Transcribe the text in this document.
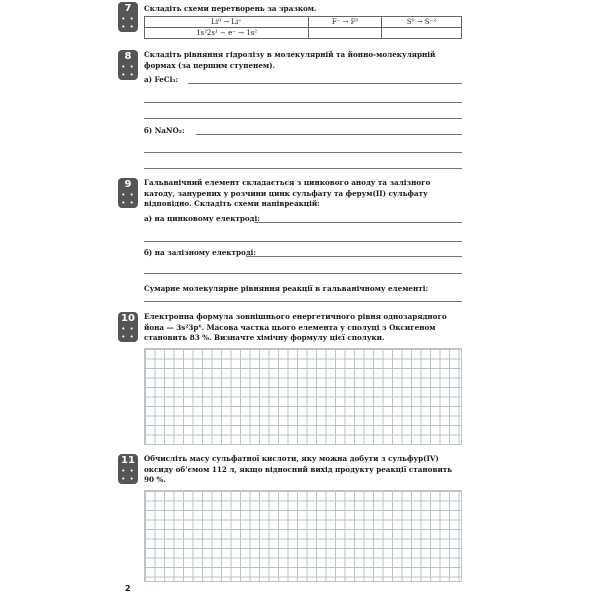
7
• •
• •
Складіть схеми перетворень за зразком.
Li⁰ → Li⁺	F⁻ → F⁰	S⁰ → S⁻²
1s²2s¹ − e⁻ → 1s²		
8
• •
• •
Складіть рівняння гідролізу в молекулярній та йонно-молекулярній формах (за першим ступенем).
а) FeCl₃:
б) NaNO₂:
9
• •
• •
Гальванічний елемент складається з цинкового аноду та залізного катоду, занурених у розчини цинк сульфату та ферум(ІІ) сульфату відповідно. Складіть схеми напівреакцій:
а) на цинковому електроді:
б) на залізному електроді:
Сумарне молекулярне рівняння реакції в гальванічному елементі:
10
• •
• •
Електронна формула зовнішнього енергетичного рівня однозарядного йона — 3s²3p⁶. Масова частка цього елемента у сполуці з Оксигеном становить 83 %. Визначте хімічну формулу цієї сполуки.
11
• •
• •
Обчисліть масу сульфатної кислоти, яку можна добути з сульфур(IV) оксиду об’ємом 112 л, якщо відносний вихід продукту реакції становить 90 %.
2
